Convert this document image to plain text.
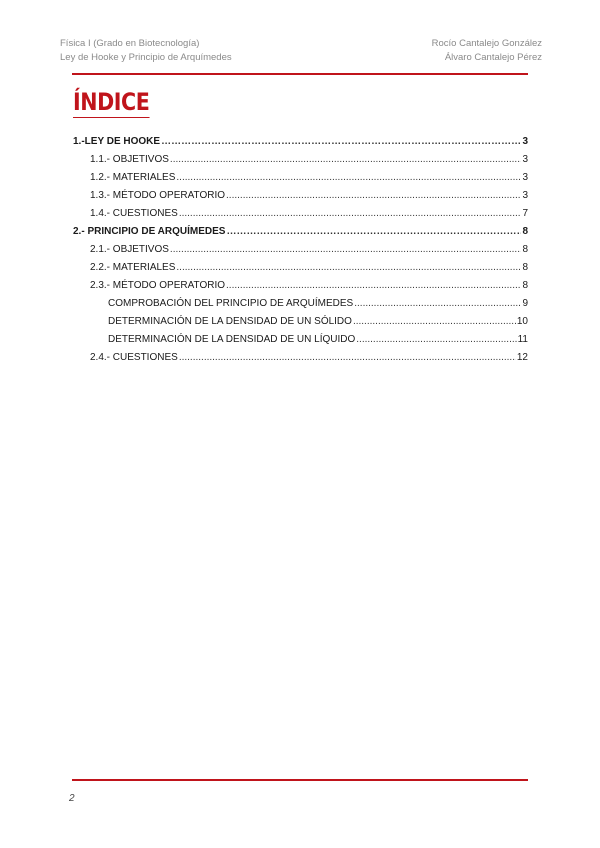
Física I (Grado en Biotecnología)
Ley de Hooke y Principio de Arquímedes
Rocío Cantalejo González
Álvaro Cantalejo Pérez
ÍNDICE
1.-LEY DE HOOKE …………………………………………………………………………………………………………………………………………………………………………………………	3
1.1.- OBJETIVOS .....	3
1.2.- MATERIALES .....	3
1.3.- MÉTODO OPERATORIO .....	3
1.4.- CUESTIONES .....	7
2.- PRINCIPIO DE ARQUÍMEDES …………………………………………………………………………………………………………………………………………………………………………………………	8
2.1.- OBJETIVOS .....	8
2.2.- MATERIALES .....	8
2.3.- MÉTODO OPERATORIO .....	8
COMPROBACIÓN DEL PRINCIPIO DE ARQUÍMEDES .....	9
DETERMINACIÓN DE LA DENSIDAD DE UN SÓLIDO .....	10
DETERMINACIÓN DE LA DENSIDAD DE UN LÍQUIDO .....	11
2.4.- CUESTIONES .....	12
2
